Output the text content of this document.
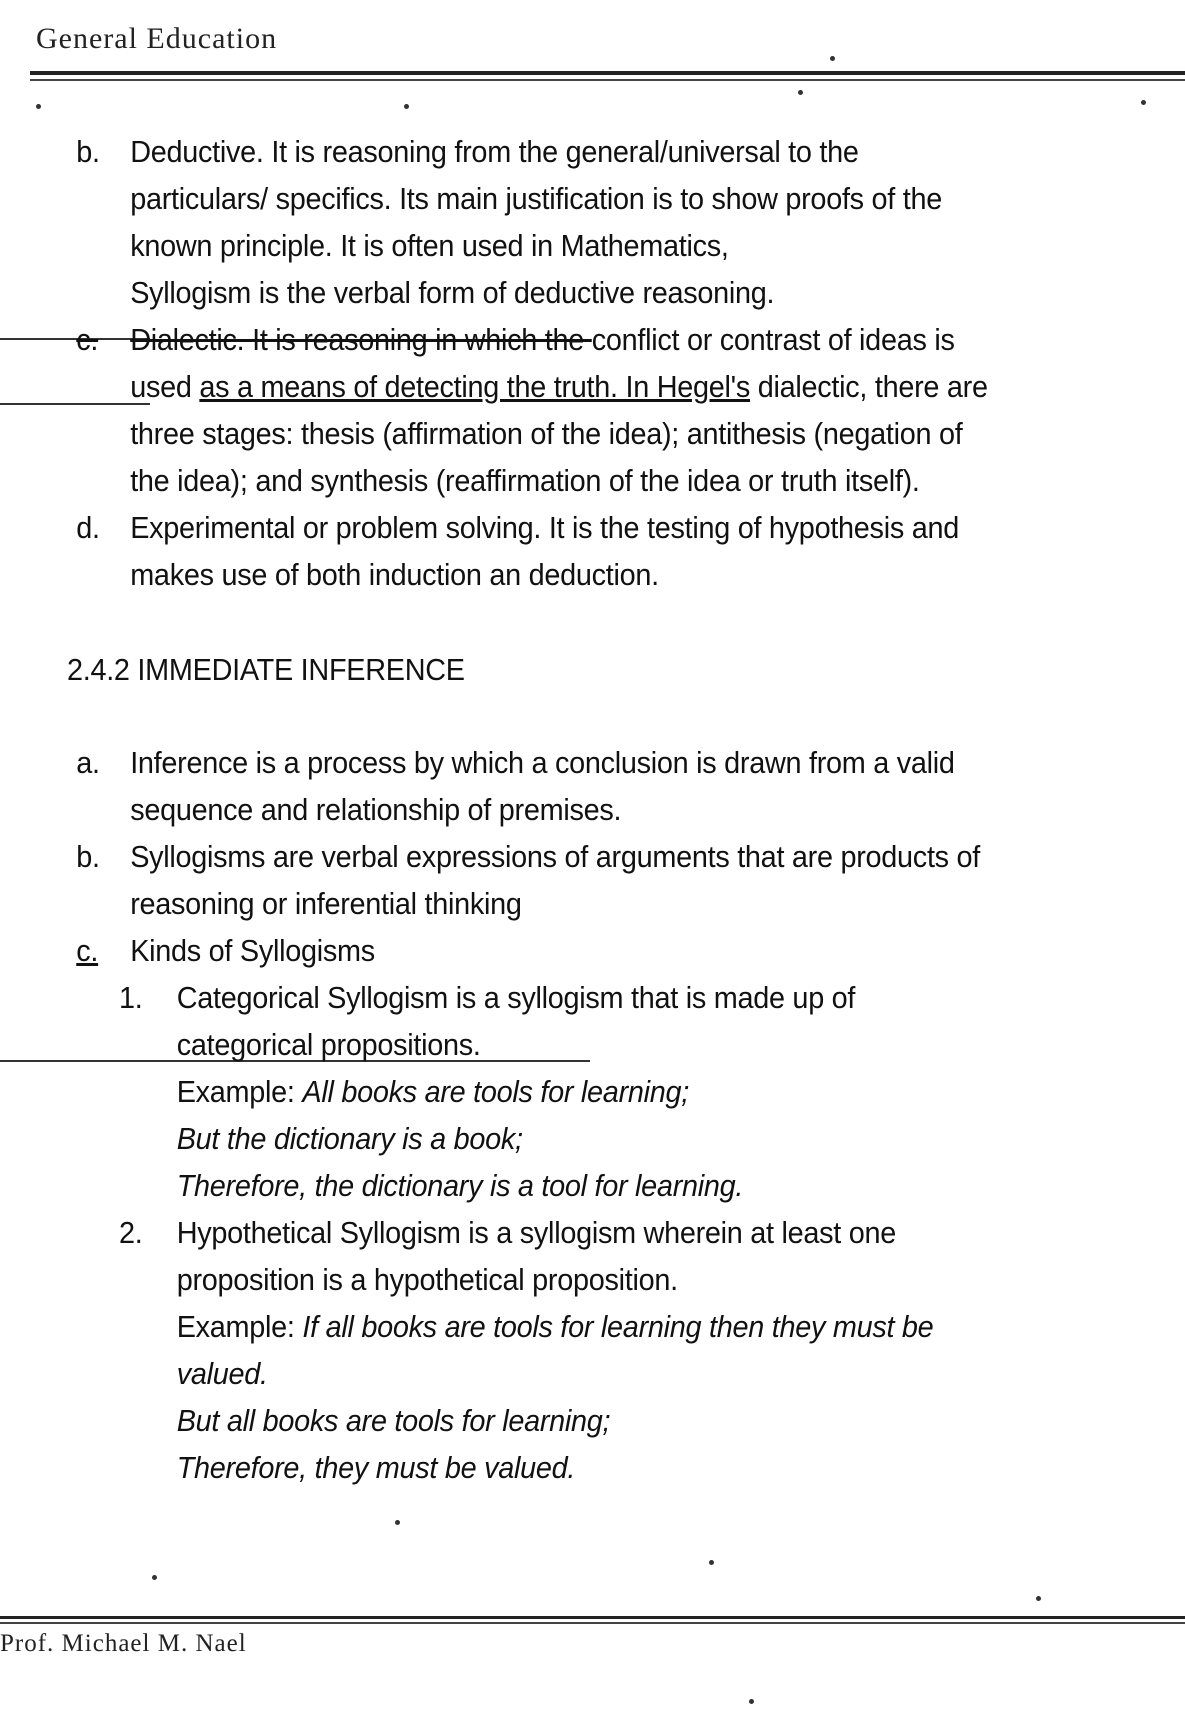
General Education
b. Deductive. It is reasoning from the general/universal to the particulars/ specifics. Its main justification is to show proofs of the known principle. It is often used in Mathematics,
Syllogism is the verbal form of deductive reasoning.
c. Dialectic. It is reasoning in which the conflict or contrast of ideas is used as a means of detecting the truth. In Hegel's dialectic, there are three stages: thesis (affirmation of the idea); antithesis (negation of the idea); and synthesis (reaffirmation of the idea or truth itself).
d. Experimental or problem solving. It is the testing of hypothesis and makes use of both induction an deduction.
2.4.2 IMMEDIATE INFERENCE
a. Inference is a process by which a conclusion is drawn from a valid sequence and relationship of premises.
b. Syllogisms are verbal expressions of arguments that are products of reasoning or inferential thinking
c. Kinds of Syllogisms
1. Categorical Syllogism is a syllogism that is made up of categorical propositions.
Example: All books are tools for learning;
But the dictionary is a book;
Therefore, the dictionary is a tool for learning.
2. Hypothetical Syllogism is a syllogism wherein at least one proposition is a hypothetical proposition.
Example: If all books are tools for learning then they must be valued.
But all books are tools for learning;
Therefore, they must be valued.
Prof. Michael M. Nael
